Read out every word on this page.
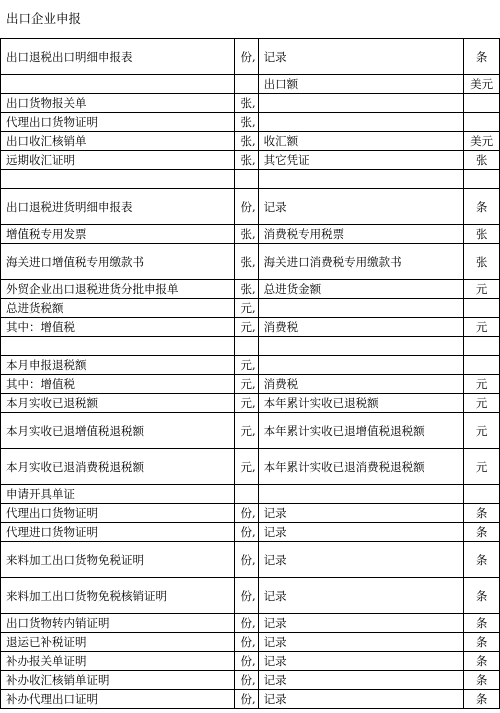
出口企业申报
出口退税出口明细申报表	份,	记录	条
		出口额	美元
出口货物报关单	张,		
代理出口货物证明	张,		
出口收汇核销单	张,	收汇额	美元
远期收汇证明	张,	其它凭证	张

出口退税进货明细申报表	份,	记录	条
增值税专用发票	张,	消费税专用税票	张
海关进口增值税专用缴款书	张,	海关进口消费税专用缴款书	张
外贸企业出口退税进货分批申报单	张,	总进货金额	元
总进货税额	元,		
其中：增值税	元,	消费税	元

本月申报退税额	元,		
其中：增值税	元,	消费税	元
本月实收已退税额	元,	本年累计实收已退税额	元
本月实收已退增值税退税额	元,	本年累计实收已退增值税退税额	元
本月实收已退消费税退税额	元,	本年累计实收已退消费税退税额	元
申请开具单证			
代理出口货物证明	份,	记录	条
代理进口货物证明	份,	记录	条
来料加工出口货物免税证明	份,	记录	条
来料加工出口货物免税核销证明	份,	记录	条
出口货物转内销证明	份,	记录	条
退运已补税证明	份,	记录	条
补办报关单证明	份,	记录	条
补办收汇核销单证明	份,	记录	条
补办代理出口证明	份,	记录	条
